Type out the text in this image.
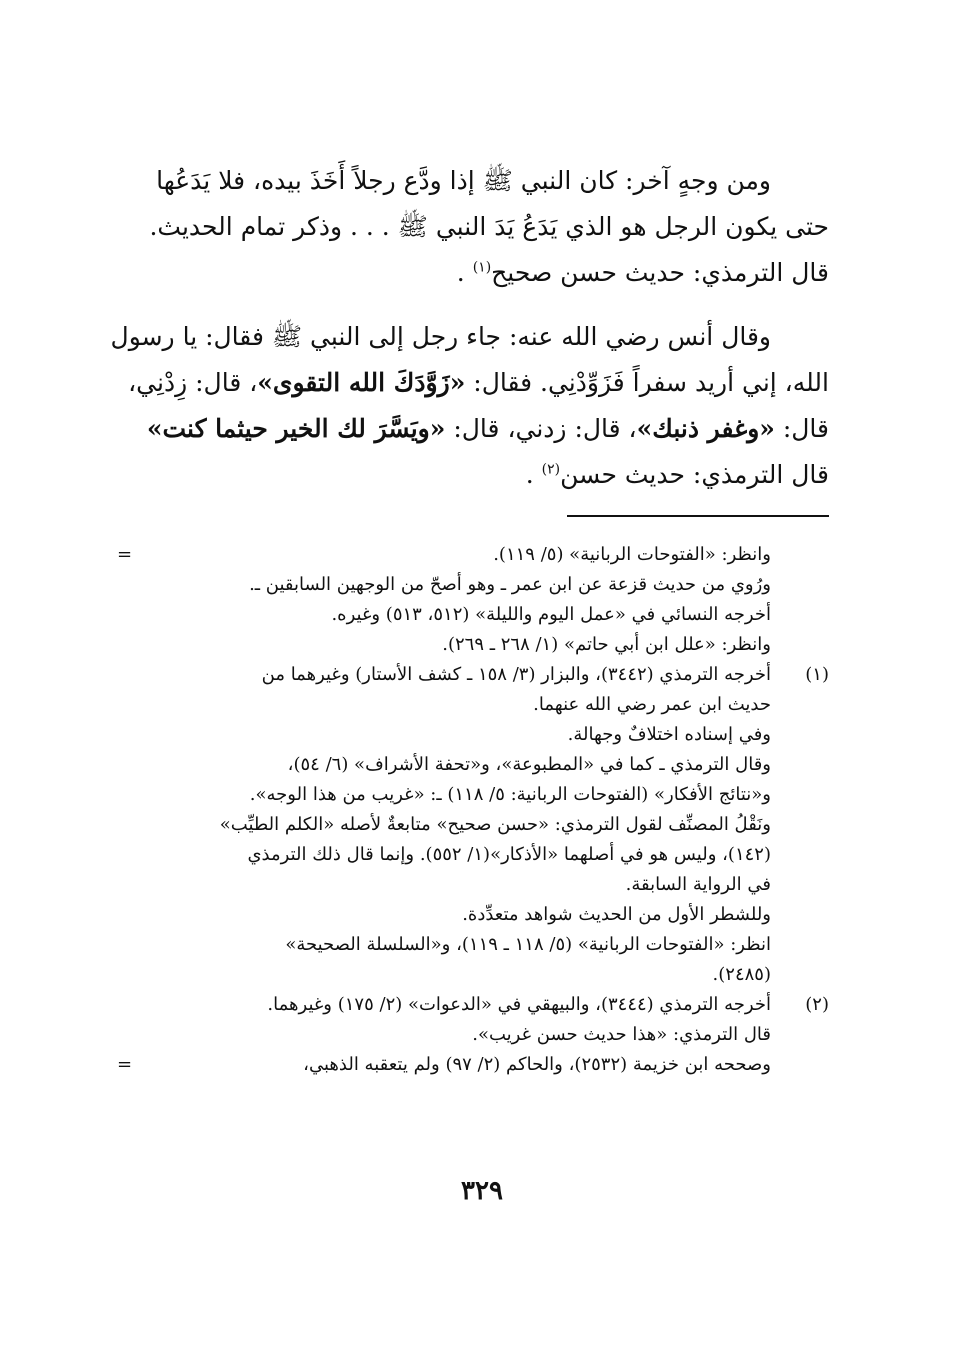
ومن وجهٍ آخر: كان النبي ﷺ إذا ودَّع رجلاً أَخَذَ بيده، فلا يَدَعُها
حتى يكون الرجل هو الذي يَدَعُ يَدَ النبي ﷺ . . . وذكر تمام الحديث.
قال الترمذي: حديث حسن صحيح$^{(١)}$ .
وقال أنس رضي الله عنه: جاء رجل إلى النبي ﷺ فقال: يا رسول
الله، إني أريد سفراً فَزَوِّدْنِي. فقال: «زَوَّدَكَ الله التقوى»، قال: زِدْنِي،
قال: «وغفر ذنبك»، قال: زدني، قال: «ويَسَّرَ لك الخير حيثما كنت»
قال الترمذي: حديث حسن$^{(٢)}$ .
وانظر: «الفتوحات الربانية» (٥/ ١١٩).
=
ورُوي من حديث قزعة عن ابن عمر ـ وهو أصحّ من الوجهين السابقين ـ.
أخرجه النسائي في «عمل اليوم والليلة» (٥١٢، ٥١٣) وغيره.
وانظر: «علل ابن أبي حاتم» (١/ ٢٦٨ ـ ٢٦٩).
(١)
أخرجه الترمذي (٣٤٤٢)، والبزار (٣/ ١٥٨ ـ كشف الأستار) وغيرهما من
حديث ابن عمر رضي الله عنهما.
وفي إسناده اختلافٌ وجهالة.
وقال الترمذي ـ كما في «المطبوعة»، و«تحفة الأشراف» (٦/ ٥٤)،
و«نتائج الأفكار» (الفتوحات الربانية: ٥/ ١١٨) ـ: «غريب من هذا الوجه».
ونَقْلُ المصنِّف لقول الترمذي: «حسن صحيح» متابعةٌ لأصله «الكلم الطيِّب»
(١٤٢)، وليس هو في أصلهما «الأذكار»(١/ ٥٥٢). وإنما قال ذلك الترمذي
في الرواية السابقة.
وللشطر الأول من الحديث شواهد متعدِّدة.
انظر: «الفتوحات الربانية» (٥/ ١١٨ ـ ١١٩)، و«السلسلة الصحيحة»
(٢٤٨٥).
(٢)
أخرجه الترمذي (٣٤٤٤)، والبيهقي في «الدعوات» (٢/ ١٧٥) وغيرهما.
قال الترمذي: «هذا حديث حسن غريب».
وصححه ابن خزيمة (٢٥٣٢)، والحاكم (٢/ ٩٧) ولم يتعقبه الذهبي،
=
٣٢٩
